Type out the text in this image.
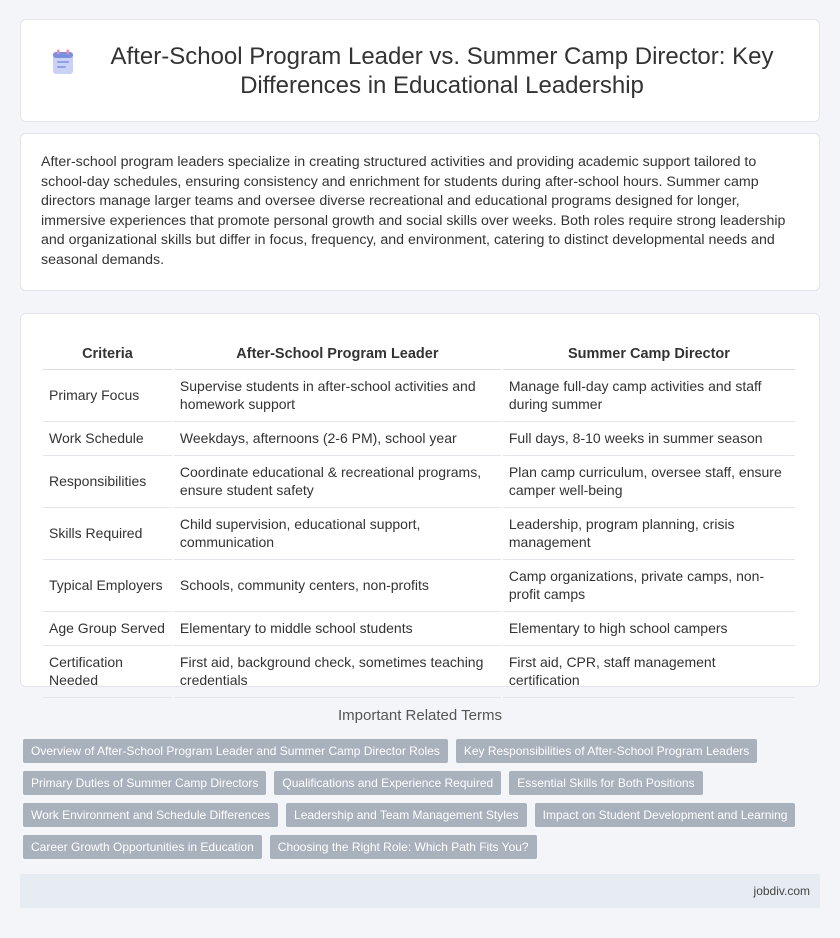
After-School Program Leader vs. Summer Camp Director: Key Differences in Educational Leadership

After-school program leaders specialize in creating structured activities and providing academic support tailored to school-day schedules, ensuring consistency and enrichment for students during after-school hours. Summer camp directors manage larger teams and oversee diverse recreational and educational programs designed for longer, immersive experiences that promote personal growth and social skills over weeks. Both roles require strong leadership and organizational skills but differ in focus, frequency, and environment, catering to distinct developmental needs and seasonal demands.

Criteria	After-School Program Leader	Summer Camp Director
Primary Focus	Supervise students in after-school activities and homework support	Manage full-day camp activities and staff during summer
Work Schedule	Weekdays, afternoons (2-6 PM), school year	Full days, 8-10 weeks in summer season
Responsibilities	Coordinate educational & recreational programs, ensure student safety	Plan camp curriculum, oversee staff, ensure camper well-being
Skills Required	Child supervision, educational support, communication	Leadership, program planning, crisis management
Typical Employers	Schools, community centers, non-profits	Camp organizations, private camps, non-profit camps
Age Group Served	Elementary to middle school students	Elementary to high school campers
Certification Needed	First aid, background check, sometimes teaching credentials	First aid, CPR, staff management certification
Important Related Terms
Overview of After-School Program Leader and Summer Camp Director Roles	Key Responsibilities of After-School Program Leaders
Primary Duties of Summer Camp Directors	Qualifications and Experience Required	Essential Skills for Both Positions
Work Environment and Schedule Differences	Leadership and Team Management Styles	Impact on Student Development and Learning
Career Growth Opportunities in Education	Choosing the Right Role: Which Path Fits You?
jobdiv.com
